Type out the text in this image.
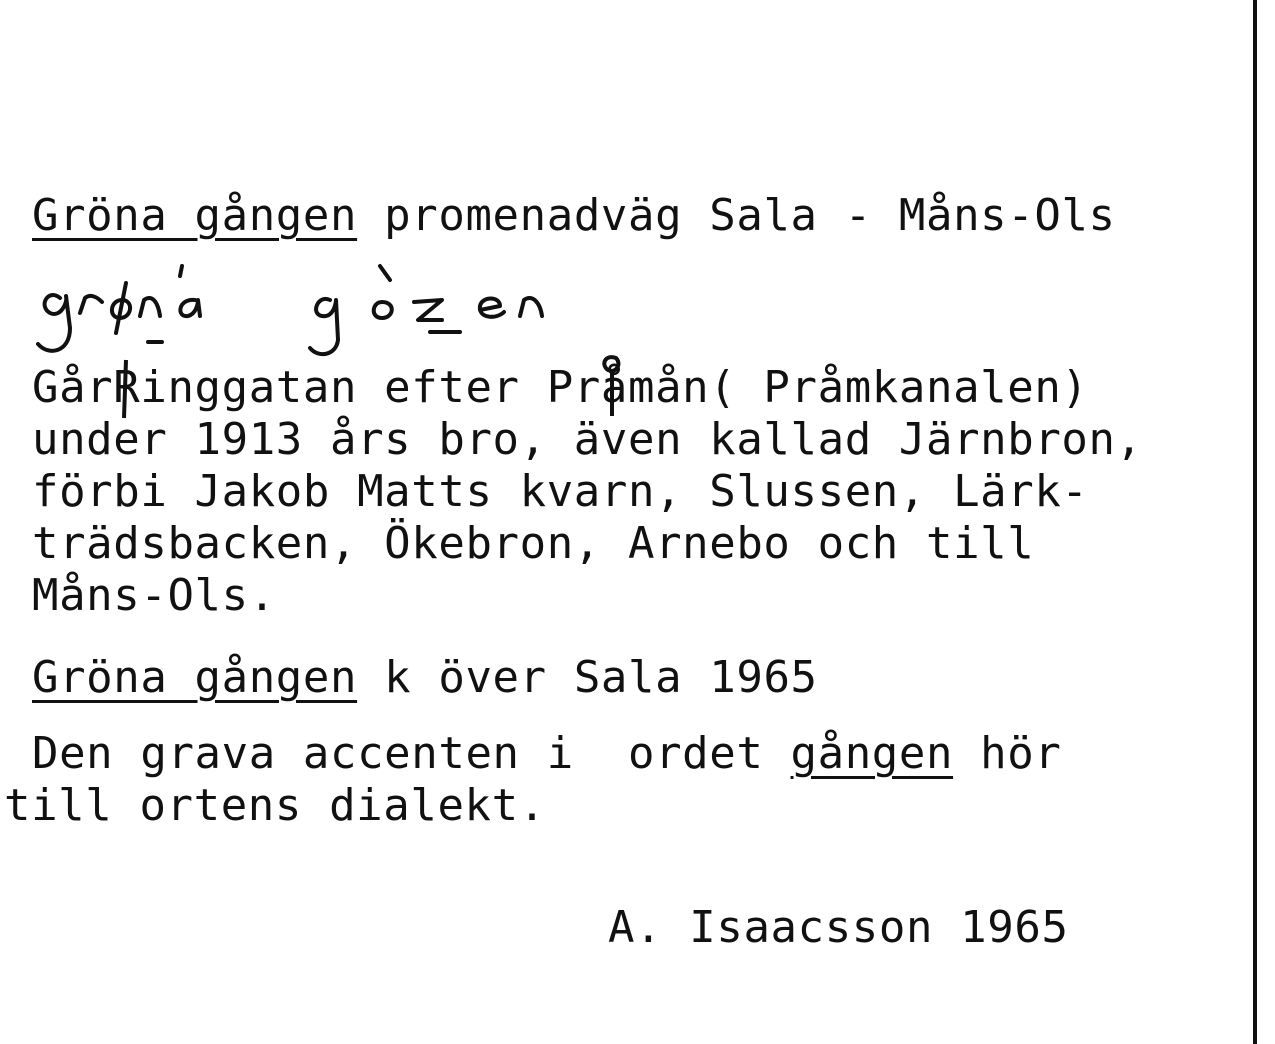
Gröna gången promenadväg Sala - Måns-Ols
GårRinggatan efter Pråmån( Pråmkanalen)
under 1913 års bro, även kallad Järnbron,
förbi Jakob Matts kvarn, Slussen, Lärk-
trädsbacken, Ökebron, Arnebo och till
Måns-Ols.
Gröna gången k över Sala 1965
Den grava accenten i  ordet gången hör
till ortens dialekt.
A. Isaacsson 1965
